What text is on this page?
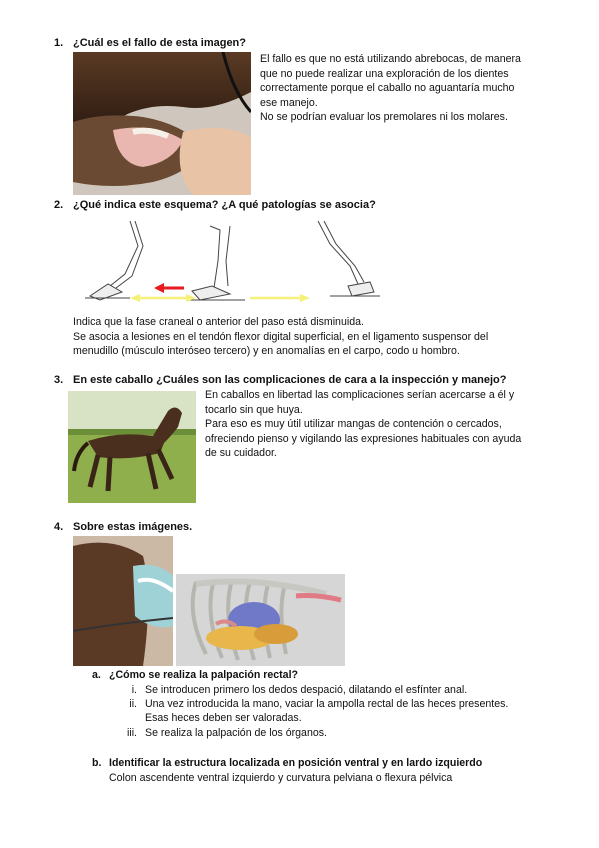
1. ¿Cuál es el fallo de esta imagen?
El fallo es que no está utilizando abrebocas, de manera
que no puede realizar una exploración de los dientes
correctamente porque el caballo no aguantaría mucho
ese manejo.
No se podrían evaluar los premolares ni los molares.
2. ¿Qué indica este esquema? ¿A qué patologías se asocia?
Indica que la fase craneal o anterior del paso está disminuida.
Se asocia a lesiones en el tendón flexor digital superficial, en el ligamento suspensor del
menudillo (músculo interóseo tercero) y en anomalías en el carpo, codo u hombro.
3. En este caballo ¿Cuáles son las complicaciones de cara a la inspección y manejo?
En caballos en libertad las complicaciones serían acercarse a él y
tocarlo sin que huya.
Para eso es muy útil utilizar mangas de contención o cercados,
ofreciendo pienso y vigilando las expresiones habituales con ayuda
de su cuidador.
4. Sobre estas imágenes.
a. ¿Cómo se realiza la palpación rectal?
i. Se introducen primero los dedos despació, dilatando el esfínter anal.
ii. Una vez introducida la mano, vaciar la ampolla rectal de las heces presentes.
Esas heces deben ser valoradas.
iii. Se realiza la palpación de los órganos.
b. Identificar la estructura localizada en posición ventral y en lardo izquierdo
Colon ascendente ventral izquierdo y curvatura pelviana o flexura pélvica
